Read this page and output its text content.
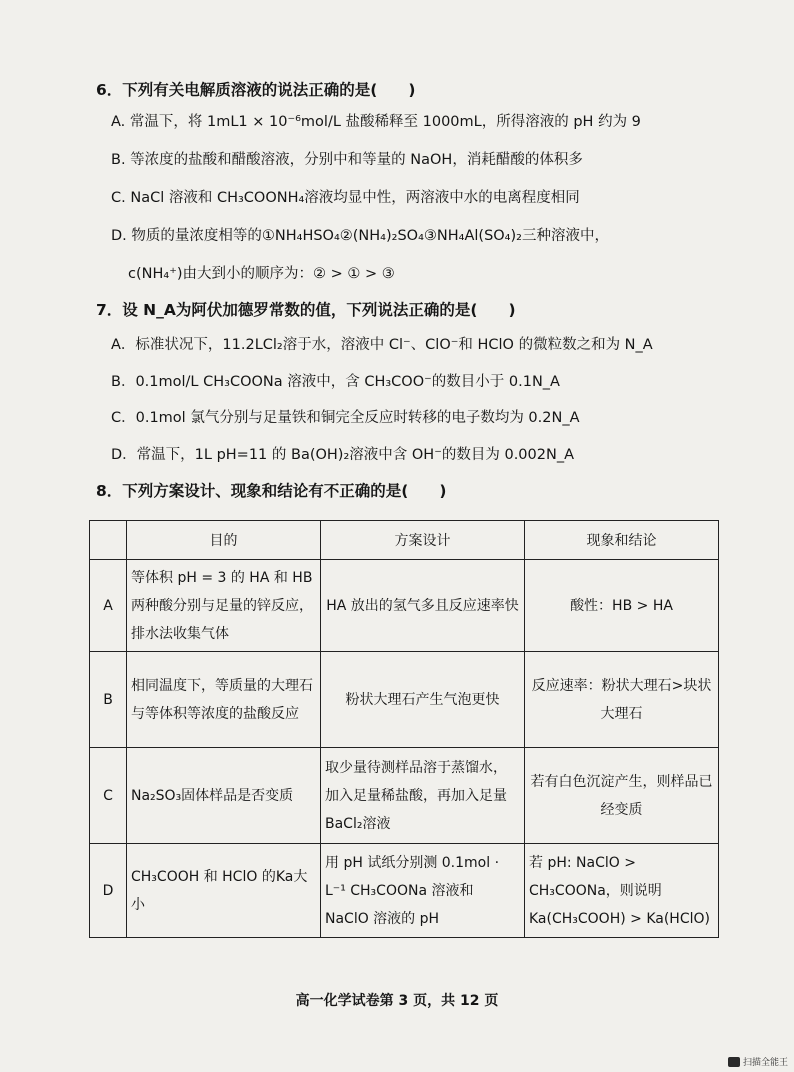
6．下列有关电解质溶液的说法正确的是(　　)
A. 常温下，将 1mL1 × 10⁻⁶mol/L 盐酸稀释至 1000mL，所得溶液的 pH 约为 9
B. 等浓度的盐酸和醋酸溶液，分别中和等量的 NaOH，消耗醋酸的体积多
C. NaCl 溶液和 CH₃COONH₄溶液均显中性，两溶液中水的电离程度相同
D. 物质的量浓度相等的①NH₄HSO₄②(NH₄)₂SO₄③NH₄Al(SO₄)₂三种溶液中，
c(NH₄⁺)由大到小的顺序为：② > ① > ③
7．设 N_A为阿伏加德罗常数的值，下列说法正确的是(　　)
A．标准状况下，11.2LCl₂溶于水，溶液中 Cl⁻、ClO⁻和 HClO 的微粒数之和为 N_A
B．0.1mol/L CH₃COONa 溶液中，含 CH₃COO⁻的数目小于 0.1N_A
C．0.1mol 氯气分别与足量铁和铜完全反应时转移的电子数均为 0.2N_A
D．常温下，1L pH=11 的 Ba(OH)₂溶液中含 OH⁻的数目为 0.002N_A
8．下列方案设计、现象和结论有不正确的是(　　)
	目的	方案设计	现象和结论
A	等体积 pH = 3 的 HA 和 HB 两种酸分别与足量的锌反应，排水法收集气体	HA 放出的氢气多且反应速率快	酸性：HB > HA
B	相同温度下，等质量的大理石与等体积等浓度的盐酸反应	粉状大理石产生气泡更快	反应速率：粉状大理石>块状大理石
C	Na₂SO₃固体样品是否变质	取少量待测样品溶于蒸馏水，加入足量稀盐酸，再加入足量BaCl₂溶液	若有白色沉淀产生，则样品已经变质
D	CH₃COOH 和 HClO 的Ka大小	用 pH 试纸分别测 0.1mol · L⁻¹ CH₃COONa 溶液和 NaClO 溶液的 pH	若 pH: NaClO > CH₃COONa，则说明 Ka(CH₃COOH) > Ka(HClO)
高一化学试卷第 3 页，共 12 页
扫描全能王
